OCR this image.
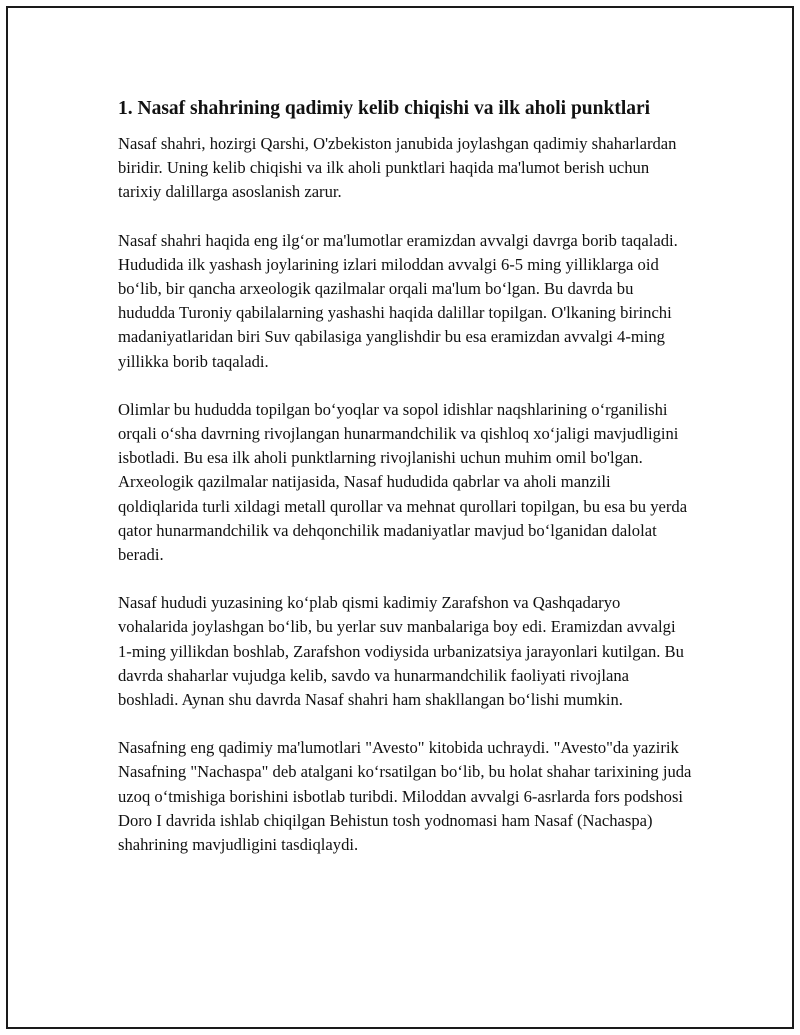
1. Nasaf shahrining qadimiy kelib chiqishi va ilk aholi punktlari

Nasaf shahri, hozirgi Qarshi, O'zbekiston janubida joylashgan qadimiy shaharlardan biridir. Uning kelib chiqishi va ilk aholi punktlari haqida ma'lumot berish uchun tarixiy dalillarga asoslanish zarur.

Nasaf shahri haqida eng ilg‘or ma'lumotlar eramizdan avvalgi davrga borib taqaladi. Hududida ilk yashash joylarining izlari miloddan avvalgi 6-5 ming yilliklarga oid bo‘lib, bir qancha arxeologik qazilmalar orqali ma'lum bo‘lgan. Bu davrda bu hududda Turoniy qabilalarning yashashi haqida dalillar topilgan. O'lkaning birinchi madaniyatlaridan biri Suv qabilasiga yanglishdir bu esa eramizdan avvalgi 4-ming yillikka borib taqaladi.

Olimlar bu hududda topilgan bo‘yoqlar va sopol idishlar naqshlarining o‘rganilishi orqali o‘sha davrning rivojlangan hunarmandchilik va qishloq xo‘jaligi mavjudligini isbotladi. Bu esa ilk aholi punktlarning rivojlanishi uchun muhim omil bo'lgan. Arxeologik qazilmalar natijasida, Nasaf hududida qabrlar va aholi manzili qoldiqlarida turli xildagi metall qurollar va mehnat qurollari topilgan, bu esa bu yerda qator hunarmandchilik va dehqonchilik madaniyatlar mavjud bo‘lganidan dalolat beradi.

Nasaf hududi yuzasining ko‘plab qismi kadimiy Zarafshon va Qashqadaryo vohalarida joylashgan bo‘lib, bu yerlar suv manbalariga boy edi. Eramizdan avvalgi 1-ming yillikdan boshlab, Zarafshon vodiysida urbanizatsiya jarayonlari kutilgan. Bu davrda shaharlar vujudga kelib, savdo va hunarmandchilik faoliyati rivojlana boshladi. Aynan shu davrda Nasaf shahri ham shakllangan bo‘lishi mumkin.

Nasafning eng qadimiy ma'lumotlari "Avesto" kitobida uchraydi. "Avesto"da yazirik Nasafning "Nachaspa" deb atalgani ko‘rsatilgan bo‘lib, bu holat shahar tarixining juda uzoq o‘tmishiga borishini isbotlab turibdi. Miloddan avvalgi 6-asrlarda fors podshosi Doro I davrida ishlab chiqilgan Behistun tosh yodnomasi ham Nasaf (Nachaspa) shahrining mavjudligini tasdiqlaydi.
